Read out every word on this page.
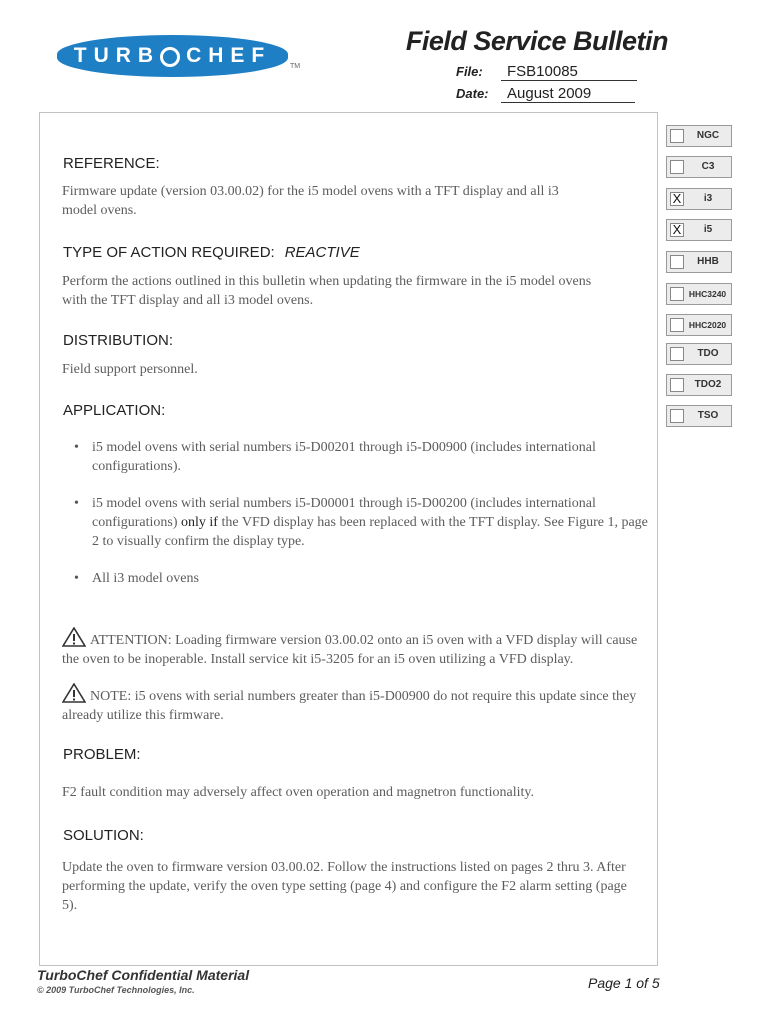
TURB CHEF	TM
Field Service Bulletin
File: FSB10085
Date: August 2009
REFERENCE:
Firmware update (version 03.00.02) for the i5 model ovens with a TFT display and all i3 model ovens.
TYPE OF ACTION REQUIRED: REACTIVE
Perform the actions outlined in this bulletin when updating the firmware in the i5 model ovens with the TFT display and all i3 model ovens.
DISTRIBUTION:
Field support personnel.
APPLICATION:
• i5 model ovens with serial numbers i5-D00201 through i5-D00900 (includes international configurations).
• i5 model ovens with serial numbers i5-D00001 through i5-D00200 (includes international configurations) only if the VFD display has been replaced with the TFT display. See Figure 1, page 2 to visually confirm the display type.
• All i3 model ovens
ATTENTION: Loading firmware version 03.00.02 onto an i5 oven with a VFD display will cause the oven to be inoperable. Install service kit i5-3205 for an i5 oven utilizing a VFD display.
NOTE: i5 ovens with serial numbers greater than i5-D00900 do not require this update since they already utilize this firmware.
PROBLEM:
F2 fault condition may adversely affect oven operation and magnetron functionality.
SOLUTION:
Update the oven to firmware version 03.00.02. Follow the instructions listed on pages 2 thru 3. After performing the update, verify the oven type setting (page 4) and configure the F2 alarm setting (page 5).
NGC
C3
X	i3
X	i5
HHB
HHC3240
HHC2020
TDO
TDO2
TSO
TurboChef Confidential Material
© 2009 TurboChef Technologies, Inc.	Page 1 of 5
